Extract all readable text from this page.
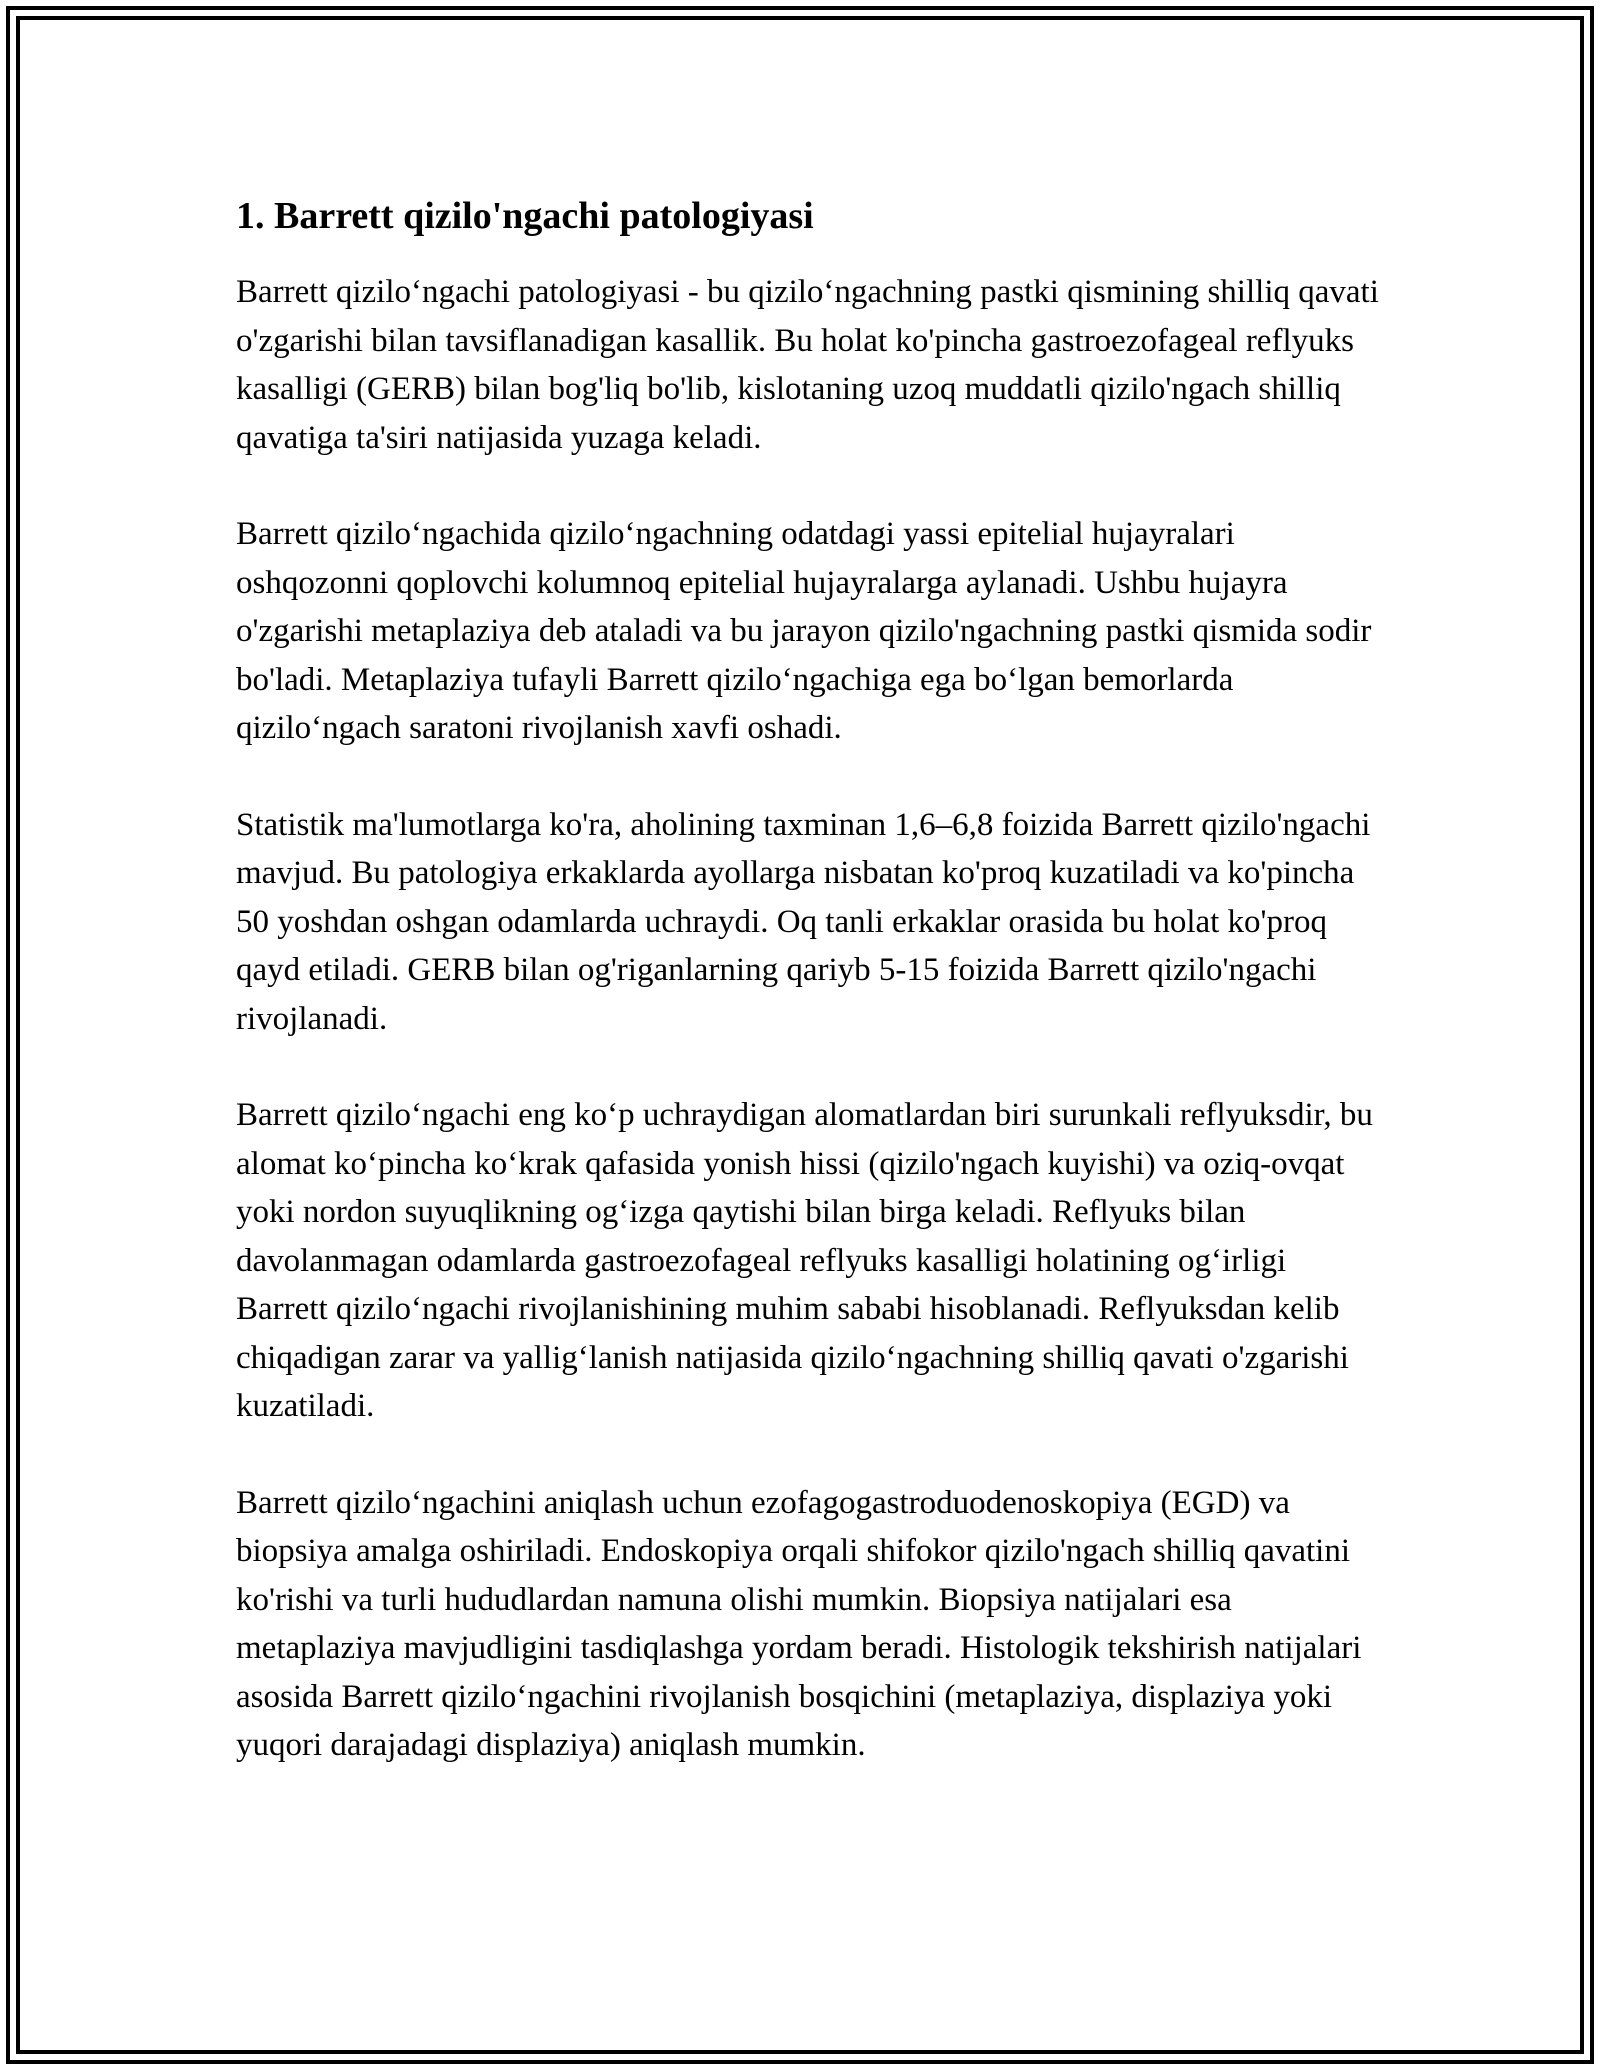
1. Barrett qizilo'ngachi patologiyasi

Barrett qizilo‘ngachi patologiyasi - bu qizilo‘ngachning pastki qismining shilliq qavati o'zgarishi bilan tavsiflanadigan kasallik. Bu holat ko'pincha gastroezofageal reflyuks kasalligi (GERB) bilan bog'liq bo'lib, kislotaning uzoq muddatli qizilo'ngach shilliq qavatiga ta'siri natijasida yuzaga keladi.

Barrett qizilo‘ngachida qizilo‘ngachning odatdagi yassi epitelial hujayralari oshqozonni qoplovchi kolumnoq epitelial hujayralarga aylanadi. Ushbu hujayra o'zgarishi metaplaziya deb ataladi va bu jarayon qizilo'ngachning pastki qismida sodir bo'ladi. Metaplaziya tufayli Barrett qizilo‘ngachiga ega bo‘lgan bemorlarda qizilo‘ngach saratoni rivojlanish xavfi oshadi.

Statistik ma'lumotlarga ko'ra, aholining taxminan 1,6–6,8 foizida Barrett qizilo'ngachi mavjud. Bu patologiya erkaklarda ayollarga nisbatan ko'proq kuzatiladi va ko'pincha 50 yoshdan oshgan odamlarda uchraydi. Oq tanli erkaklar orasida bu holat ko'proq qayd etiladi. GERB bilan og'riganlarning qariyb 5-15 foizida Barrett qizilo'ngachi rivojlanadi.

Barrett qizilo‘ngachi eng ko‘p uchraydigan alomatlardan biri surunkali reflyuksdir, bu alomat ko‘pincha ko‘krak qafasida yonish hissi (qizilo'ngach kuyishi) va oziq-ovqat yoki nordon suyuqlikning og‘izga qaytishi bilan birga keladi. Reflyuks bilan davolanmagan odamlarda gastroezofageal reflyuks kasalligi holatining og‘irligi Barrett qizilo‘ngachi rivojlanishining muhim sababi hisoblanadi. Reflyuksdan kelib chiqadigan zarar va yallig‘lanish natijasida qizilo‘ngachning shilliq qavati o'zgarishi kuzatiladi.

Barrett qizilo‘ngachini aniqlash uchun ezofagogastroduodenoskopiya (EGD) va biopsiya amalga oshiriladi. Endoskopiya orqali shifokor qizilo'ngach shilliq qavatini ko'rishi va turli hududlardan namuna olishi mumkin. Biopsiya natijalari esa metaplaziya mavjudligini tasdiqlashga yordam beradi. Histologik tekshirish natijalari asosida Barrett qizilo‘ngachini rivojlanish bosqichini (metaplaziya, displaziya yoki yuqori darajadagi displaziya) aniqlash mumkin.
